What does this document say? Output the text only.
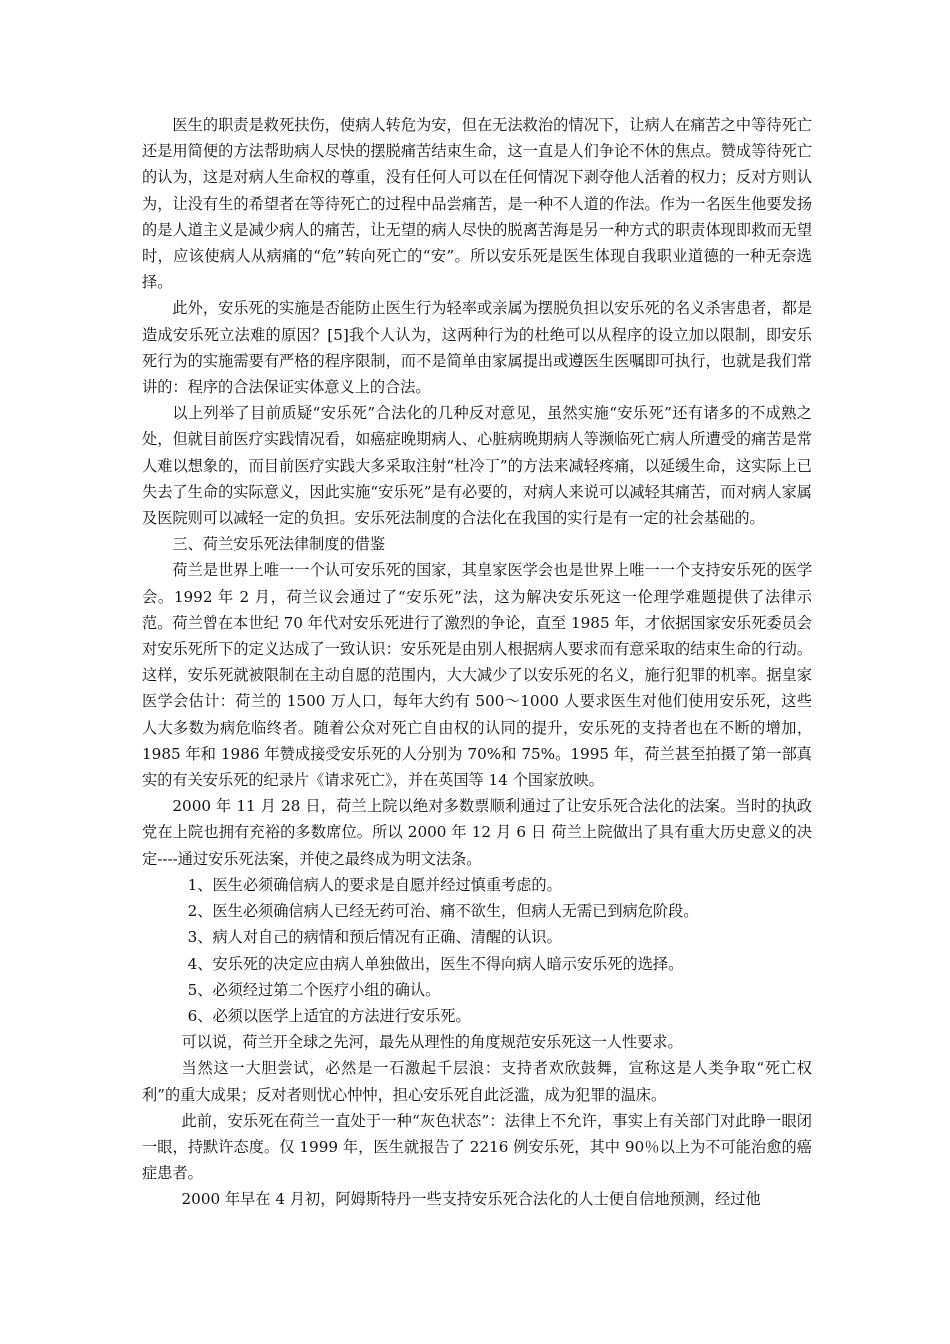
医生的职责是救死扶伤，使病人转危为安，但在无法救治的情况下，让病人在痛苦之中等待死亡还是用简便的方法帮助病人尽快的摆脱痛苦结束生命，这一直是人们争论不休的焦点。赞成等待死亡的认为，这是对病人生命权的尊重，没有任何人可以在任何情况下剥夺他人活着的权力；反对方则认为，让没有生的希望者在等待死亡的过程中品尝痛苦，是一种不人道的作法。作为一名医生他要发扬的是人道主义是减少病人的痛苦，让无望的病人尽快的脱离苦海是另一种方式的职责体现即救而无望时，应该使病人从病痛的“危”转向死亡的“安”。所以安乐死是医生体现自我职业道德的一种无奈选择。

此外，安乐死的实施是否能防止医生行为轻率或亲属为摆脱负担以安乐死的名义杀害患者，都是造成安乐死立法难的原因？[5]我个人认为，这两种行为的杜绝可以从程序的设立加以限制，即安乐死行为的实施需要有严格的程序限制，而不是简单由家属提出或遵医生医嘱即可执行，也就是我们常讲的：程序的合法保证实体意义上的合法。

以上列举了目前质疑“安乐死”合法化的几种反对意见，虽然实施“安乐死”还有诸多的不成熟之处，但就目前医疗实践情况看，如癌症晚期病人、心脏病晚期病人等濒临死亡病人所遭受的痛苦是常人难以想象的，而目前医疗实践大多采取注射“杜冷丁”的方法来减轻疼痛，以延缓生命，这实际上已失去了生命的实际意义，因此实施“安乐死”是有必要的，对病人来说可以减轻其痛苦，而对病人家属及医院则可以减轻一定的负担。安乐死法制度的合法化在我国的实行是有一定的社会基础的。

三、荷兰安乐死法律制度的借鉴

荷兰是世界上唯一一个认可安乐死的国家，其皇家医学会也是世界上唯一一个支持安乐死的医学会。1992 年 2 月，荷兰议会通过了“安乐死”法，这为解决安乐死这一伦理学难题提供了法律示范。荷兰曾在本世纪 70 年代对安乐死进行了激烈的争论，直至 1985 年，才依据国家安乐死委员会对安乐死所下的定义达成了一致认识：安乐死是由别人根据病人要求而有意采取的结束生命的行动。这样，安乐死就被限制在主动自愿的范围内，大大减少了以安乐死的名义，施行犯罪的机率。据皇家医学会估计：荷兰的 1500 万人口，每年大约有 500～1000 人要求医生对他们使用安乐死，这些人大多数为病危临终者。随着公众对死亡自由权的认同的提升，安乐死的支持者也在不断的增加，1985 年和 1986 年赞成接受安乐死的人分别为 70%和 75%。1995 年，荷兰甚至拍摄了第一部真实的有关安乐死的纪录片《请求死亡》，并在英国等 14 个国家放映。

2000 年 11 月 28 日，荷兰上院以绝对多数票顺利通过了让安乐死合法化的法案。当时的执政党在上院也拥有充裕的多数席位。所以 2000 年 12 月 6 日 荷兰上院做出了具有重大历史意义的决定----通过安乐死法案，并使之最终成为明文法条。

1、医生必须确信病人的要求是自愿并经过慎重考虑的。

2、医生必须确信病人已经无药可治、痛不欲生，但病人无需已到病危阶段。

3、病人对自己的病情和预后情况有正确、清醒的认识。

4、安乐死的决定应由病人单独做出，医生不得向病人暗示安乐死的选择。

5、必须经过第二个医疗小组的确认。

6、必须以医学上适宜的方法进行安乐死。

可以说，荷兰开全球之先河，最先从理性的角度规范安乐死这一人性要求。

当然这一大胆尝试，必然是一石激起千层浪：支持者欢欣鼓舞，宣称这是人类争取“死亡权利”的重大成果；反对者则忧心忡忡，担心安乐死自此泛滥，成为犯罪的温床。

此前，安乐死在荷兰一直处于一种“灰色状态”：法律上不允许，事实上有关部门对此睁一眼闭一眼，持默许态度。仅 1999 年，医生就报告了 2216 例安乐死，其中 90％以上为不可能治愈的癌症患者。

2000 年早在 4 月初，阿姆斯特丹一些支持安乐死合法化的人士便自信地预测，经过他
